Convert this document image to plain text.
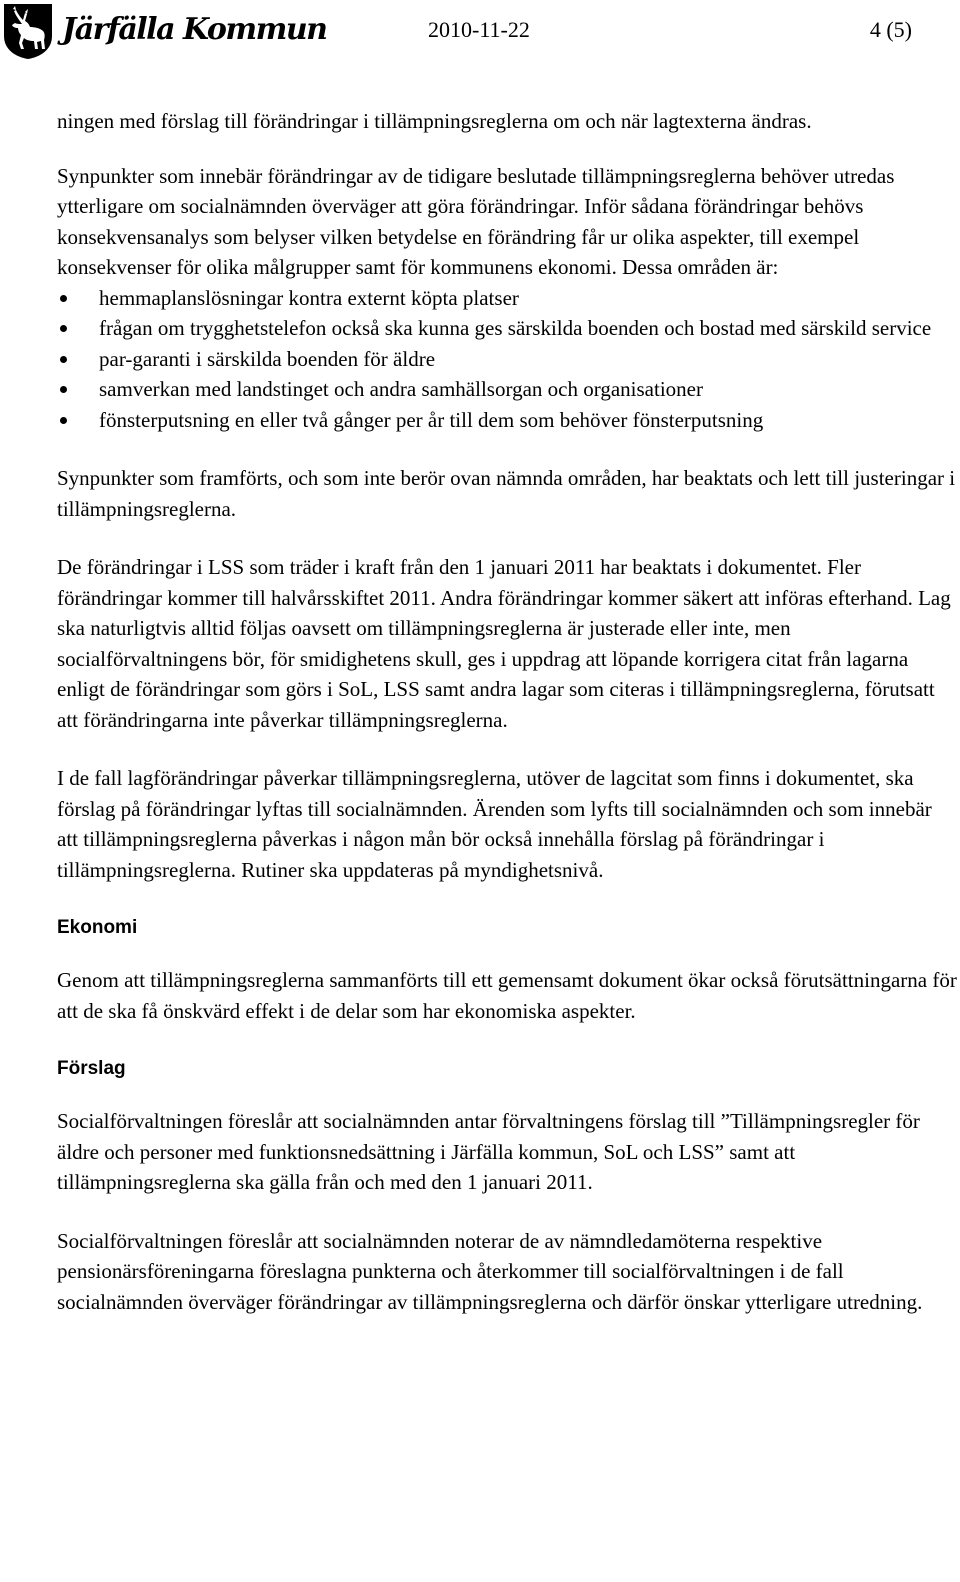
Järfälla Kommun	2010-11-22	4 (5)

ningen med förslag till förändringar i tillämpningsreglerna om och när lagtexterna ändras.

Synpunkter som innebär förändringar av de tidigare beslutade tillämpningsreglerna behöver utredas ytterligare om socialnämnden överväger att göra förändringar. Inför sådana förändringar behövs konsekvensanalys som belyser vilken betydelse en förändring får ur olika aspekter, till exempel konsekvenser för olika målgrupper samt för kommunens ekonomi. Dessa områden är:

hemmaplanslösningar kontra externt köpta platser
frågan om trygghetstelefon också ska kunna ges särskilda boenden och bostad med särskild service
par-garanti i särskilda boenden för äldre
samverkan med landstinget och andra samhällsorgan och organisationer
fönsterputsning en eller två gånger per år till dem som behöver fönsterputsning

Synpunkter som framförts, och som inte berör ovan nämnda områden, har beaktats och lett till justeringar i tillämpningsreglerna.

De förändringar i LSS som träder i kraft från den 1 januari 2011 har beaktats i dokumentet. Fler förändringar kommer till halvårsskiftet 2011. Andra förändringar kommer säkert att införas efterhand. Lag ska naturligtvis alltid följas oavsett om tillämpningsreglerna är justerade eller inte, men socialförvaltningens bör, för smidighetens skull, ges i uppdrag att löpande korrigera citat från lagarna enligt de förändringar som görs i SoL, LSS samt andra lagar som citeras i tillämpningsreglerna, förutsatt att förändringarna inte påverkar tillämpningsreglerna.

I de fall lagförändringar påverkar tillämpningsreglerna, utöver de lagcitat som finns i dokumentet, ska förslag på förändringar lyftas till socialnämnden. Ärenden som lyfts till socialnämnden och som innebär att tillämpningsreglerna påverkas i någon mån bör också innehålla förslag på förändringar i tillämpningsreglerna. Rutiner ska uppdateras på myndighetsnivå.

Ekonomi

Genom att tillämpningsreglerna sammanförts till ett gemensamt dokument ökar också förutsättningarna för att de ska få önskvärd effekt i de delar som har ekonomiska aspekter.

Förslag

Socialförvaltningen föreslår att socialnämnden antar förvaltningens förslag till ”Tillämpningsregler för äldre och personer med funktionsnedsättning i Järfälla kommun, SoL och LSS” samt att tillämpningsreglerna ska gälla från och med den 1 januari 2011.

Socialförvaltningen föreslår att socialnämnden noterar de av nämndledamöterna respektive pensionärsföreningarna föreslagna punkterna och återkommer till socialförvaltningen i de fall socialnämnden överväger förändringar av tillämpningsreglerna och därför önskar ytterligare utredning.
